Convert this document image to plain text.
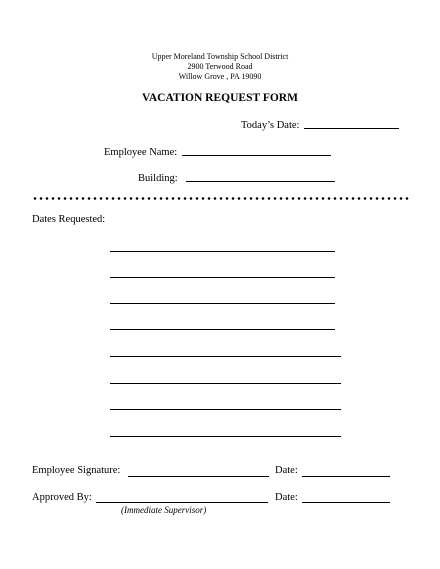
Upper Moreland Township School District
2900 Terwood Road
Willow Grove , PA 19090
VACATION REQUEST FORM
Today’s Date:
Employee Name:
Building:
Dates Requested:
Employee Signature:	Date:
Approved By:	Date:
(Immediate Supervisor)
